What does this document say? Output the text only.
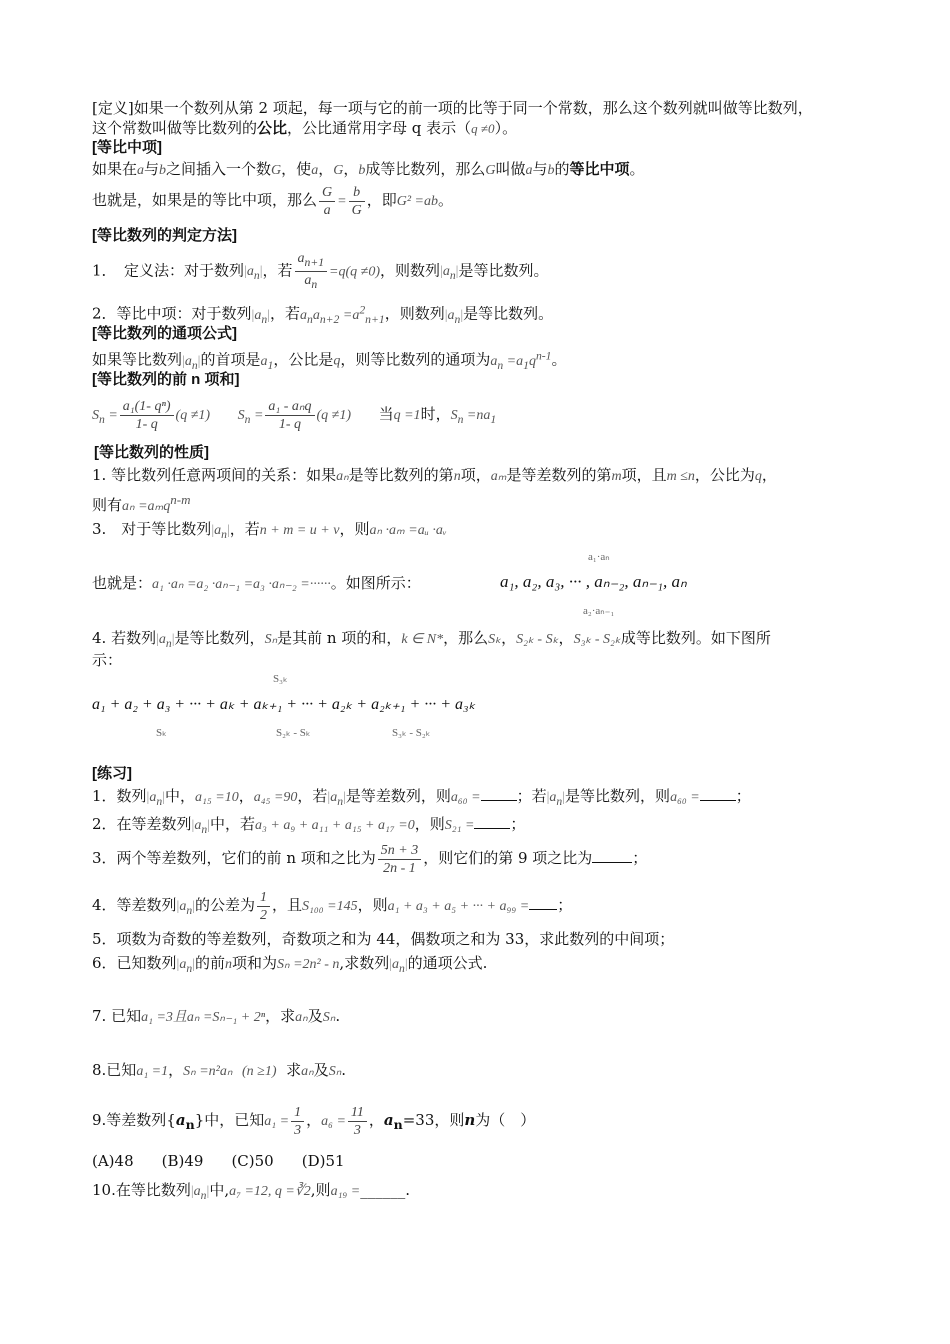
[定义]如果一个数列从第 2 项起，每一项与它的前一项的比等于同一个常数，那么这个数列就叫做等比数列，
这个常数叫做等比数列的公比，公比通常用字母 q 表示（q ≠0）。
[等比中项]
如果在a与b之间插入一个数G，使a，G，b成等比数列，那么G叫做a与b的等比中项。
也就是，如果是的等比中项，那么 $\frac{G}{a} = \frac{b}{G}$ ，即G² =ab。
[等比数列的判定方法]
1．　定义法：对于数列$|a_n|$，若 $\frac{a_{n+1}}{a_n} =q(q \ne 0)$，则数列$|a_n|$是等比数列。
2．等比中项：对于数列$|a_n|$，若$a_na_{n+2} =a^2_{n+1}$，则数列$|a_n|$是等比数列。
[等比数列的通项公式]
如果等比数列$|a_n|$的首项是$a_1$，公比是q，则等比数列的通项为$a_n =a_1q^{n-1}$。
[等比数列的前 n 项和]
$S_n = \frac{\text{a₁(1- qⁿ)}}{1- q} (q \ne 1) S_n = \frac{\text{a₁ - aₙq}}{1- q} (q \ne 1)$ 当q =1时，$S_n =na_1$
[等比数列的性质]
1. 等比数列任意两项间的关系：如果aₙ是等比数列的第n项，aₘ是等差数列的第m项，且m ≤n，公比为q，
则有aₙ =aₘq$^{n-m}$
3.　对于等比数列$|a_n|$，若n + m = u + v，则aₙ ·aₘ =aᵤ ·aᵥ
也就是：a₁ ·aₙ =a₂ ·aₙ₋₁ =a₃ ·aₙ₋₂ =······。如图所示：
a₁·aₙ
a₁, a₂, a₃, ··· , aₙ₋₂, aₙ₋₁, aₙ
a₂·aₙ₋₁
4. 若数列$|a_n|$是等比数列，Sₙ是其前 n 项的和，k ∈ N*，那么Sₖ，S₂ₖ - Sₖ，S₃ₖ - S₂ₖ成等比数列。如下图所
示：
S₃ₖ
a₁ + a₂ + a₃ + ··· + aₖ + aₖ₊₁ + ··· + a₂ₖ + a₂ₖ₊₁ + ··· + a₃ₖ
Sₖ	S₂ₖ - Sₖ	S₃ₖ - S₂ₖ
[练习]
1．数列$|a_n|$中，a₁₅ =10，a₄₅ =90，若$|a_n|$是等差数列，则a₆₀ = ；若$|a_n|$是等比数列，则a₆₀ = ；
2．在等差数列$|a_n|$中，若a₃ + a₉ + a₁₁ + a₁₅ + a₁₇ =0，则S₂₁ = ；
3．两个等差数列，它们的前 n 项和之比为 $\frac{5n + 3}{2n - 1}$ ，则它们的第 9 项之比为	；
4．等差数列$|a_n|$的公差为 $\frac{1}{2}$ ，且S₁₀₀ =145，则a₁ + a₃ + a₅ + ··· + a₉₉ = ；
5．项数为奇数的等差数列，奇数项之和为 44，偶数项之和为 33，求此数列的中间项；
6．已知数列$|a_n|$的前n项和为Sₙ =2n² - n,求数列$|a_n|$的通项公式.
7. 已知a₁ =3且aₙ =Sₙ₋₁ + 2ⁿ，求aₙ及Sₙ.
8.已知a₁ =1，Sₙ =n²aₙ (n ≥1) 求aₙ及Sₙ.
9.等差数列$\{a_n\}$中，已知$a_1 = \frac{1}{3}$ ，$a_6 = \frac{11}{3}$ ，$a_n=33$，则n为（　）
(A)48 (B)49 (C)50 (D)51
10.在等比数列$|a_n|$中,a₇ =12, q =∛2,则a₁₉ =______.
